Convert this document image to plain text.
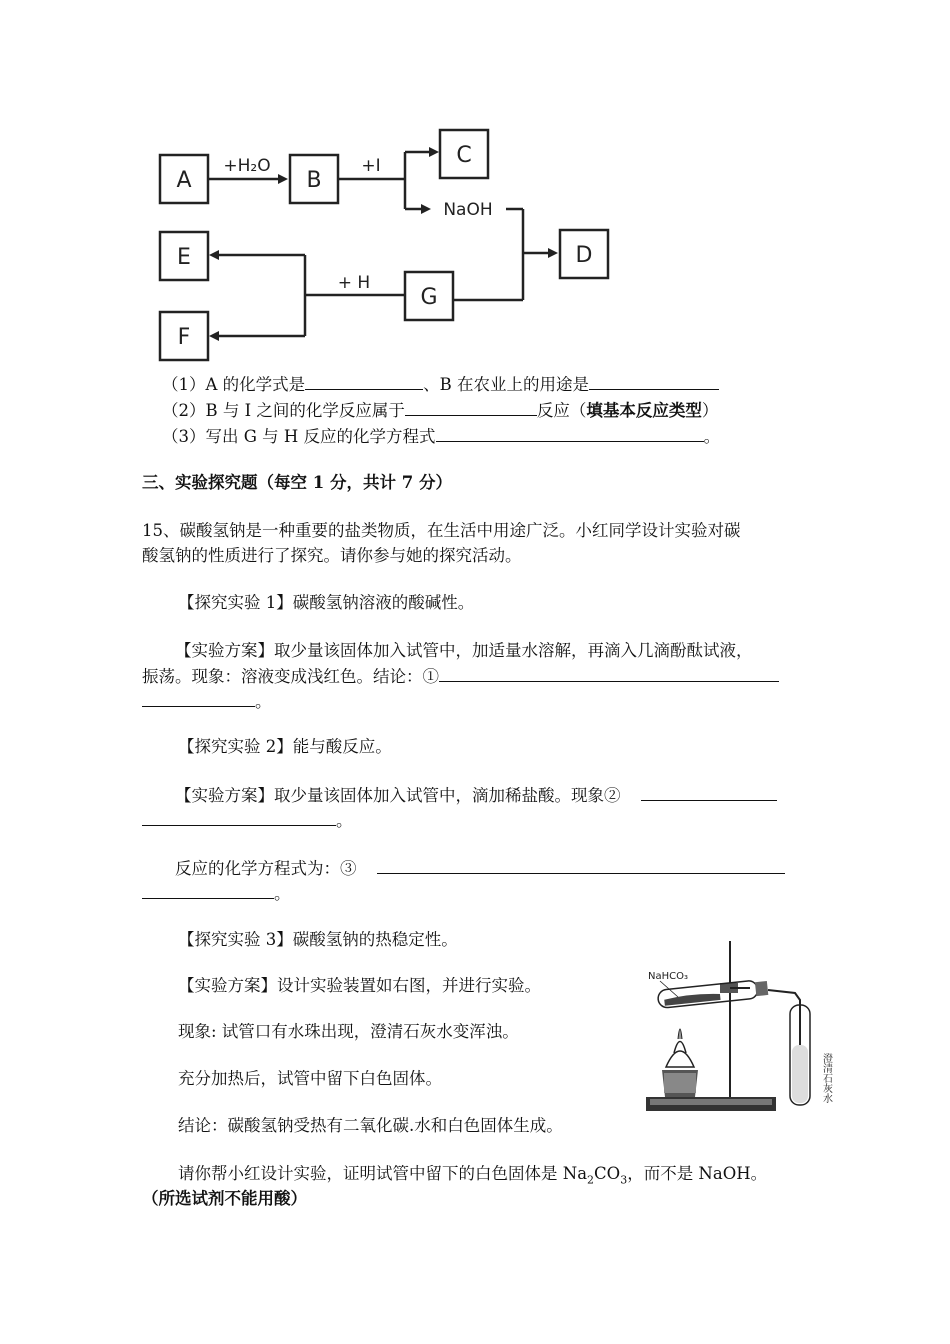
A	B
C
D
E
G
F
+H₂O	+I
NaOH
+ H
（1）A 的化学式是	、B 在农业上的用途是
（2）B 与 I 之间的化学反应属于	反应（填基本反应类型）
（3）写出 G 与 H 反应的化学方程式	。
三、实验探究题（每空 1 分，共计 7 分）
15、碳酸氢钠是一种重要的盐类物质，在生活中用途广泛。小红同学设计实验对碳
酸氢钠的性质进行了探究。请你参与她的探究活动。
【探究实验 1】碳酸氢钠溶液的酸碱性。
【实验方案】取少量该固体加入试管中，加适量水溶解，再滴入几滴酚酞试液，
振荡。现象：溶液变成浅红色。结论：①
。
【探究实验 2】能与酸反应。
【实验方案】取少量该固体加入试管中，滴加稀盐酸。现象②
。
反应的化学方程式为：③
。
【探究实验 3】碳酸氢钠的热稳定性。
【实验方案】设计实验装置如右图，并进行实验。
现象: 试管口有水珠出现，澄清石灰水变浑浊。
充分加热后，试管中留下白色固体。
结论：碳酸氢钠受热有二氧化碳.水和白色固体生成。
请你帮小红设计实验，证明试管中留下的白色固体是 $Na_2CO_3$，而不是 NaOH。
（所选试剂不能用酸）
NaHCO₃
澄清石灰水
